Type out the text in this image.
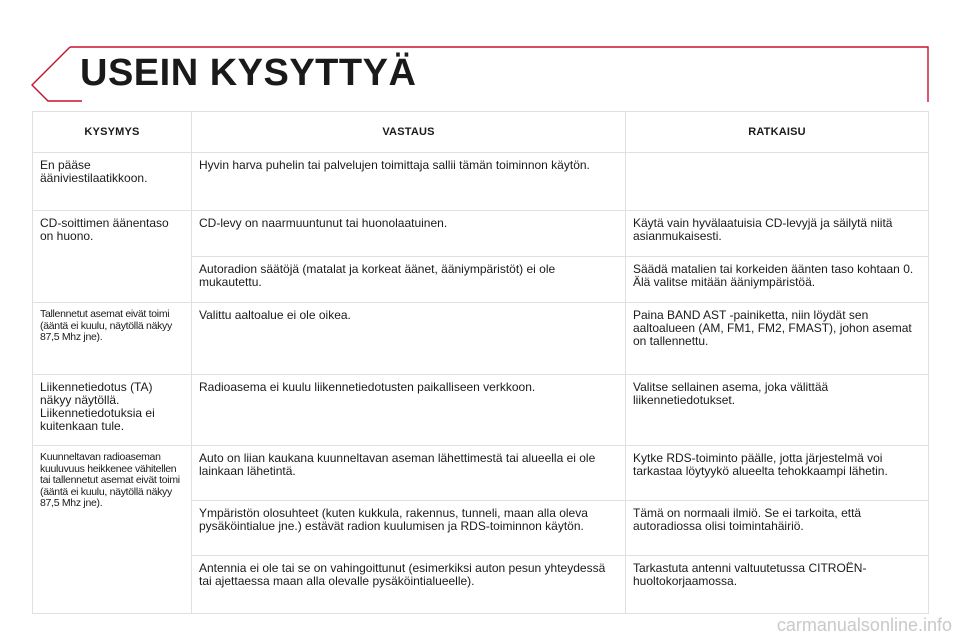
USEIN KYSYTTYÄ
KYSYMYS	VASTAUS	RATKAISU
En pääse ääniviestilaatikkoon.	Hyvin harva puhelin tai palvelujen toimittaja sallii tämän toiminnon käytön.	
CD-soittimen äänentaso on huono.	CD-levy on naarmuuntunut tai huonolaatuinen.	Käytä vain hyvälaatuisia CD-levyjä ja säilytä niitä asianmukaisesti.
	Autoradion säätöjä (matalat ja korkeat äänet, ääniympäristöt) ei ole mukautettu.	Säädä matalien tai korkeiden äänten taso kohtaan 0. Älä valitse mitään ääniympäristöä.
Tallennetut asemat eivät toimi (ääntä ei kuulu, näytöllä näkyy 87,5 Mhz jne).	Valittu aaltoalue ei ole oikea.	Paina BAND AST -painiketta, niin löydät sen aaltoalueen (AM, FM1, FM2, FMAST), johon asemat on tallennettu.
Liikennetiedotus (TA) näkyy näytöllä. Liikennetiedotuksia ei kuitenkaan tule.	Radioasema ei kuulu liikennetiedotusten paikalliseen verkkoon.	Valitse sellainen asema, joka välittää liikennetiedotukset.
Kuunneltavan radioaseman kuuluvuus heikkenee vähitellen tai tallennetut asemat eivät toimi (ääntä ei kuulu, näytöllä näkyy 87,5 Mhz jne).	Auto on liian kaukana kuunneltavan aseman lähettimestä tai alueella ei ole lainkaan lähetintä.	Kytke RDS-toiminto päälle, jotta järjestelmä voi tarkastaa löytyykö alueelta tehokkaampi lähetin.
	Ympäristön olosuhteet (kuten kukkula, rakennus, tunneli, maan alla oleva pysäköintialue jne.) estävät radion kuulumisen ja RDS-toiminnon käytön.	Tämä on normaali ilmiö. Se ei tarkoita, että autoradiossa olisi toimintahäiriö.
	Antennia ei ole tai se on vahingoittunut (esimerkiksi auton pesun yhteydessä tai ajettaessa maan alla olevalle pysäköintialueelle).	Tarkastuta antenni valtuutetussa CITROËN-huoltokorjaamossa.
carmanualsonline.info
